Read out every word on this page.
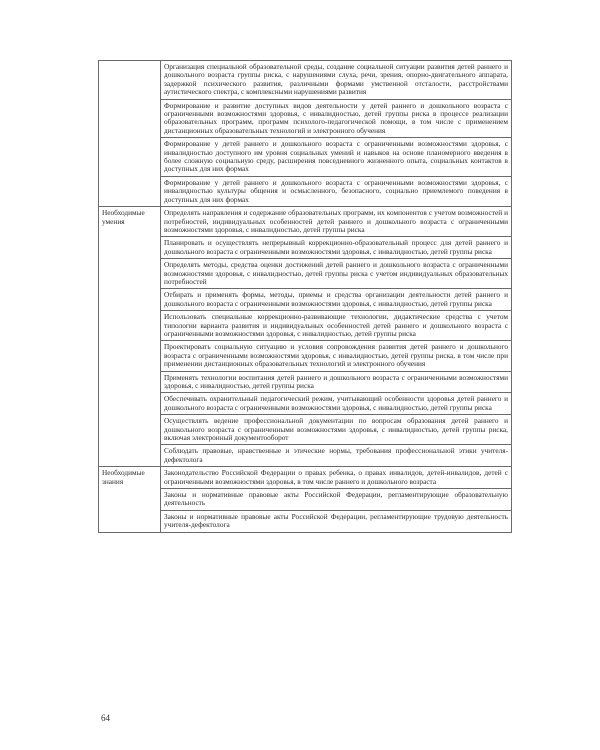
	Организация специальной образовательной среды, создание социальной ситуации развития детей раннего и дошкольного возраста группы риска, с нарушениями слуха, речи, зрения, опорно-двигательного аппарата, задержкой психического развития, различными формами умственной отсталости, расстройствами аутистического спектра, с комплексными нарушениями развития
	Формирование и развитие доступных видов деятельности у детей раннего и дошкольного возраста с ограниченными возможностями здоровья, с инвалидностью, детей группы риска в процессе реализации образовательных программ, программ психолого-педагогической помощи, в том числе с применением дистанционных образовательных технологий и электронного обучения
	Формирование у детей раннего и дошкольного возраста с ограниченными возможностями здоровья, с инвалидностью доступного им уровня социальных умений и навыков на основе планомерного введения в более сложную социальную среду, расширения повседневного жизненного опыта, социальных контактов в доступных для них формах
	Формирование у детей раннего и дошкольного возраста с ограниченными возможностями здоровья, с инвалидностью культуры общения и осмысленного, безопасного, социально приемлемого поведения в доступных для них формах
Необходимые умения	Определять направления и содержание образовательных программ, их компонентов с учетом возможностей и потребностей, индивидуальных особенностей детей раннего и дошкольного возраста с ограниченными возможностями здоровья, с инвалидностью, детей группы риска
	Планировать и осуществлять непрерывный коррекционно-образовательный процесс для детей раннего и дошкольного возраста с ограниченными возможностями здоровья, с инвалидностью, детей группы риска
	Определять методы, средства оценки достижений детей раннего и дошкольного возраста с ограниченными возможностями здоровья, с инвалидностью, детей группы риска с учетом индивидуальных образовательных потребностей
	Отбирать и применять формы, методы, приемы и средства организации деятельности детей раннего и дошкольного возраста с ограниченными возможностями здоровья, с инвалидностью, детей группы риска
	Использовать специальные коррекционно-развивающие технологии, дидактические средства с учетом типологии варианта развития и индивидуальных особенностей детей раннего и дошкольного возраста с ограниченными возможностями здоровья, с инвалидностью, детей группы риска
	Проектировать социальную ситуацию и условия сопровождения развития детей раннего и дошкольного возраста с ограниченными возможностями здоровья, с инвалидностью, детей группы риска, в том числе при применении дистанционных образовательных технологий и электронного обучения
	Применять технологии воспитания детей раннего и дошкольного возраста с ограниченными возможностями здоровья, с инвалидностью, детей группы риска
	Обеспечивать охранительный педагогический режим, учитывающий особенности здоровья детей раннего и дошкольного возраста с ограниченными возможностями здоровья, с инвалидностью, детей группы риска
	Осуществлять ведение профессиональной документации по вопросам образования детей раннего и дошкольного возраста с ограниченными возможностями здоровья, с инвалидностью, детей группы риска, включая электронный документооборот
	Соблюдать правовые, нравственные и этические нормы, требования профессиональной этики учителя-дефектолога
Необходимые знания	Законодательство Российской Федерации о правах ребенка, о правах инвалидов, детей-инвалидов, детей с ограниченными возможностями здоровья, в том числе раннего и дошкольного возраста
	Законы и нормативные правовые акты Российской Федерации, регламентирующие образовательную деятельность
	Законы и нормативные правовые акты Российской Федерации, регламентирующие трудовую деятельность учителя-дефектолога
64
